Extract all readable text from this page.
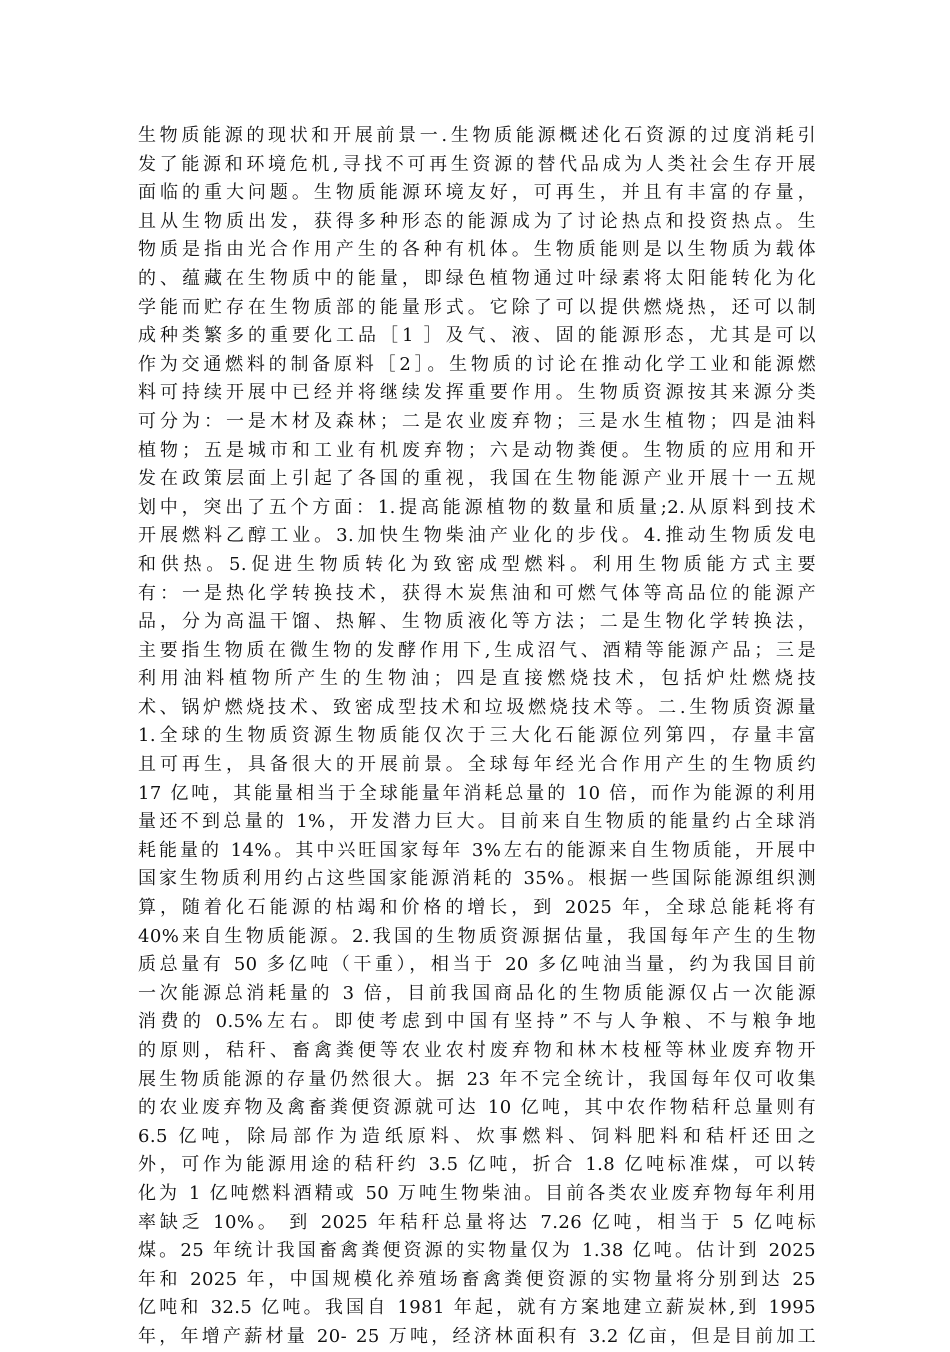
生物质能源的现状和开展前景一.生物质能源概述化石资源的过度消耗引
发了能源和环境危机,寻找不可再生资源的替代品成为人类社会生存开展
面临的重大问题。生物质能源环境友好，可再生，并且有丰富的存量，
且从生物质出发，获得多种形态的能源成为了讨论热点和投资热点。生
物质是指由光合作用产生的各种有机体。生物质能则是以生物质为载体
的、蕴藏在生物质中的能量，即绿色植物通过叶绿素将太阳能转化为化
学能而贮存在生物质部的能量形式。它除了可以提供燃烧热，还可以制
成种类繁多的重要化工品［1 ］及气、液、固的能源形态，尤其是可以
作为交通燃料的制备原料［2］。生物质的讨论在推动化学工业和能源燃
料可持续开展中已经并将继续发挥重要作用。生物质资源按其来源分类
可分为：一是木材及森林；二是农业废弃物；三是水生植物；四是油料
植物；五是城市和工业有机废弃物；六是动物粪便。生物质的应用和开
发在政策层面上引起了各国的重视，我国在生物能源产业开展十一五规
划中，突出了五个方面：1.提高能源植物的数量和质量;2.从原料到技术
开展燃料乙醇工业。3.加快生物柴油产业化的步伐。4.推动生物质发电
和供热。5.促进生物质转化为致密成型燃料。利用生物质能方式主要
有：一是热化学转换技术，获得木炭焦油和可燃气体等高品位的能源产
品，分为高温干馏、热解、生物质液化等方法；二是生物化学转换法，
主要指生物质在微生物的发酵作用下,生成沼气、酒精等能源产品；三是
利用油料植物所产生的生物油；四是直接燃烧技术，包括炉灶燃烧技
术、锅炉燃烧技术、致密成型技术和垃圾燃烧技术等。二.生物质资源量
1.全球的生物质资源生物质能仅次于三大化石能源位列第四，存量丰富
且可再生，具备很大的开展前景。全球每年经光合作用产生的生物质约
17 亿吨，其能量相当于全球能量年消耗总量的 10 倍，而作为能源的利用
量还不到总量的 1%，开发潜力巨大。目前来自生物质的能量约占全球消
耗能量的 14%。其中兴旺国家每年 3%左右的能源来自生物质能，开展中
国家生物质利用约占这些国家能源消耗的 35%。根据一些国际能源组织测
算，随着化石能源的枯竭和价格的增长，到 2025 年，全球总能耗将有
40%来自生物质能源。2.我国的生物质资源据估量，我国每年产生的生物
质总量有 50 多亿吨（干重），相当于 20 多亿吨油当量，约为我国目前
一次能源总消耗量的 3 倍，目前我国商品化的生物质能源仅占一次能源
消费的 0.5%左右。即使考虑到中国有坚持”不与人争粮、不与粮争地
的原则，秸秆、畜禽粪便等农业农村废弃物和林木枝桠等林业废弃物开
展生物质能源的存量仍然很大。据 23 年不完全统计，我国每年仅可收集
的农业废弃物及禽畜粪便资源就可达 10 亿吨，其中农作物秸秆总量则有
6.5 亿吨，除局部作为造纸原料、炊事燃料、饲料肥料和秸杆还田之
外，可作为能源用途的秸秆约 3.5 亿吨，折合 1.8 亿吨标准煤，可以转
化为 1 亿吨燃料酒精或 50 万吨生物柴油。目前各类农业废弃物每年利用
率缺乏 10%。 到 2025 年秸秆总量将达 7.26 亿吨，相当于 5 亿吨标
煤。25 年统计我国畜禽粪便资源的实物量仅为 1.38 亿吨。估计到 2025
年和 2025 年，中国规模化养殖场畜禽粪便资源的实物量将分别到达 25
亿吨和 32.5 亿吨。我国自 1981 年起，就有方案地建立薪炭林,到 1995
年，年增产薪材量 20- 25 万吨，经济林面积有 3.2 亿亩，但是目前加工
